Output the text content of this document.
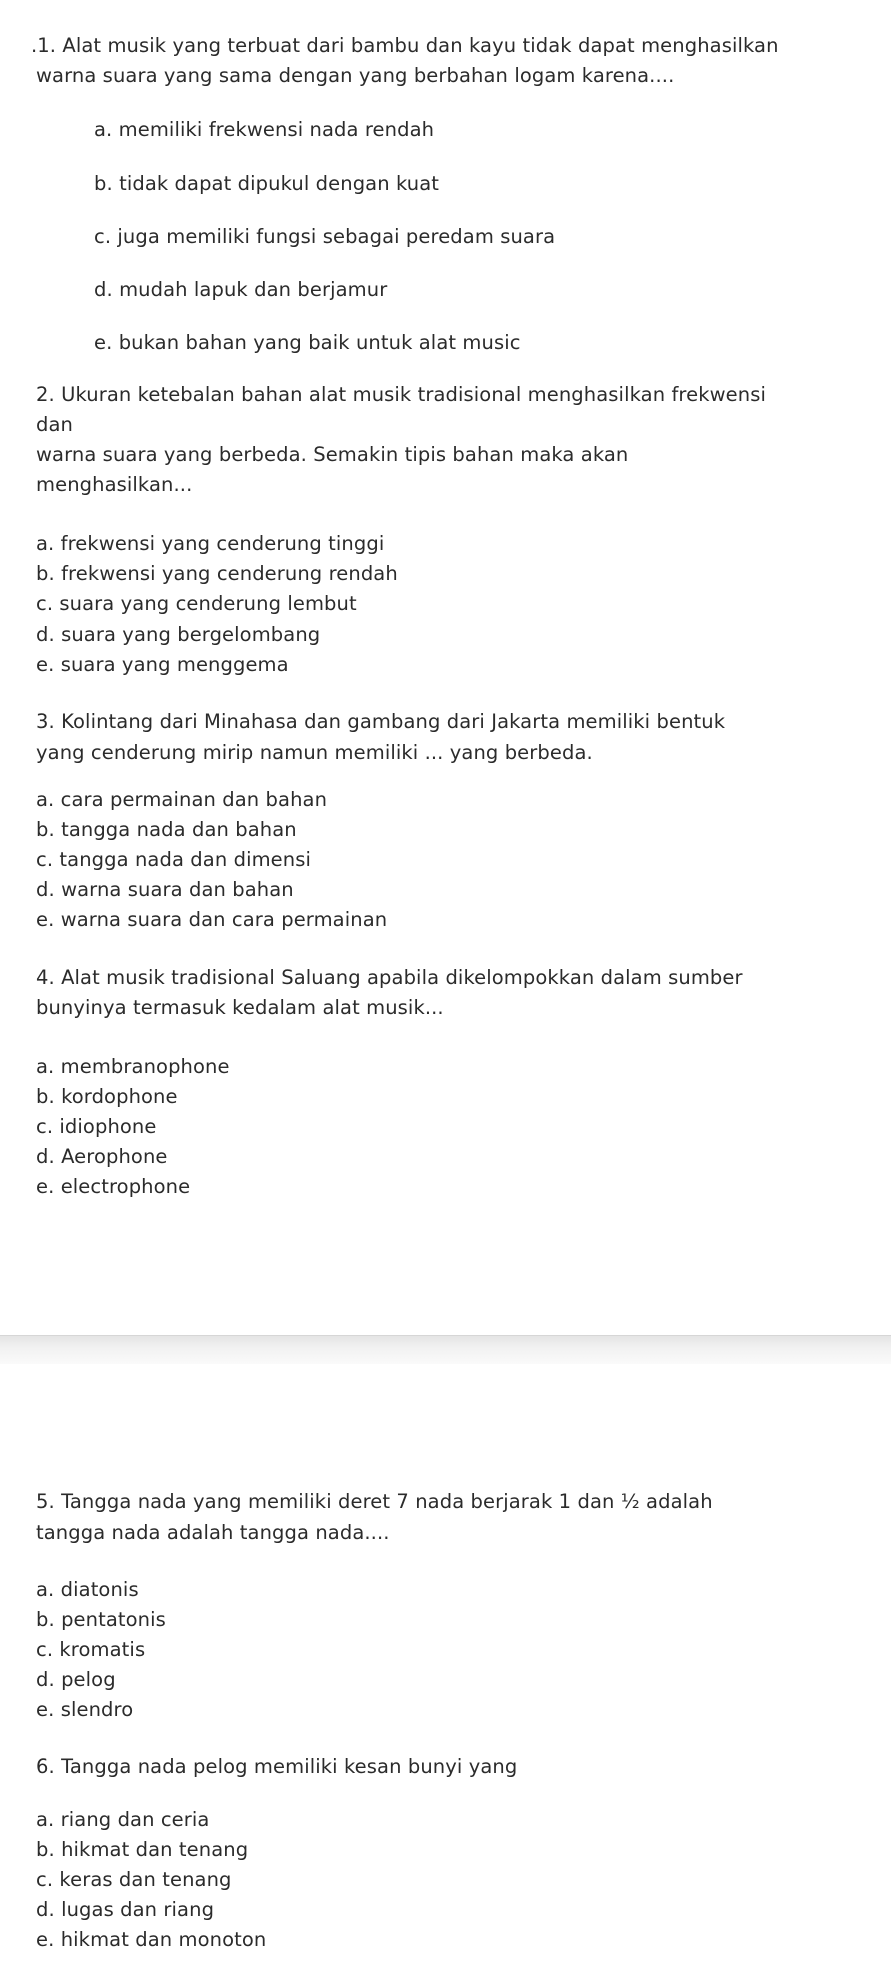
.1. Alat musik yang terbuat dari bambu dan kayu tidak dapat menghasilkan
warna suara yang sama dengan yang berbahan logam karena....
a. memiliki frekwensi nada rendah
b. tidak dapat dipukul dengan kuat
c. juga memiliki fungsi sebagai peredam suara
d. mudah lapuk dan berjamur
e. bukan bahan yang baik untuk alat music
2. Ukuran ketebalan bahan alat musik tradisional menghasilkan frekwensi
dan
warna suara yang berbeda. Semakin tipis bahan maka akan
menghasilkan...
a. frekwensi yang cenderung tinggi
b. frekwensi yang cenderung rendah
c. suara yang cenderung lembut
d. suara yang bergelombang
e. suara yang menggema
3. Kolintang dari Minahasa dan gambang dari Jakarta memiliki bentuk
yang cenderung mirip namun memiliki ... yang berbeda.
a. cara permainan dan bahan
b. tangga nada dan bahan
c. tangga nada dan dimensi
d. warna suara dan bahan
e. warna suara dan cara permainan
4. Alat musik tradisional Saluang apabila dikelompokkan dalam sumber
bunyinya termasuk kedalam alat musik...
a. membranophone
b. kordophone
c. idiophone
d. Aerophone
e. electrophone
5. Tangga nada yang memiliki deret 7 nada berjarak 1 dan ½ adalah
tangga nada adalah tangga nada....
a. diatonis
b. pentatonis
c. kromatis
d. pelog
e. slendro
6. Tangga nada pelog memiliki kesan bunyi yang
a. riang dan ceria
b. hikmat dan tenang
c. keras dan tenang
d. lugas dan riang
e. hikmat dan monoton
